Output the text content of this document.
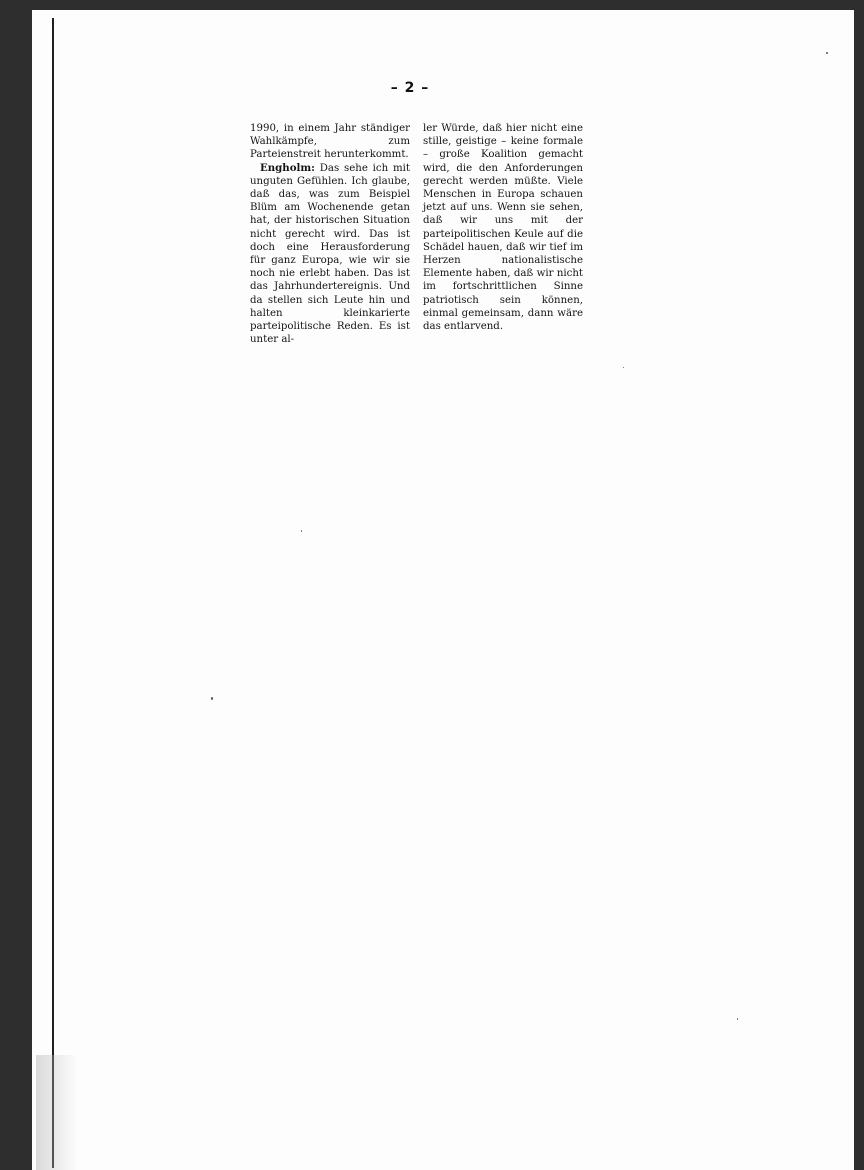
– 2 –

1990, in einem Jahr ständiger Wahlkämpfe, zum Parteienstreit herunterkommt.

Engholm: Das sehe ich mit unguten Gefühlen. Ich glaube, daß das, was zum Beispiel Blüm am Wochenende getan hat, der historischen Situation nicht gerecht wird. Das ist doch eine Herausforderung für ganz Europa, wie wir sie noch nie erlebt haben. Das ist das Jahrhundertereignis. Und da stellen sich Leute hin und halten kleinkarierte parteipolitische Reden. Es ist unter al-

ler Würde, daß hier nicht eine stille, geistige – keine formale – große Koalition gemacht wird, die den Anforderungen gerecht werden müßte. Viele Menschen in Europa schauen jetzt auf uns. Wenn sie sehen, daß wir uns mit der parteipolitischen Keule auf die Schädel hauen, daß wir tief im Herzen nationalistische Elemente haben, daß wir nicht im fortschrittlichen Sinne patriotisch sein können, einmal gemeinsam, dann wäre das entlarvend.
